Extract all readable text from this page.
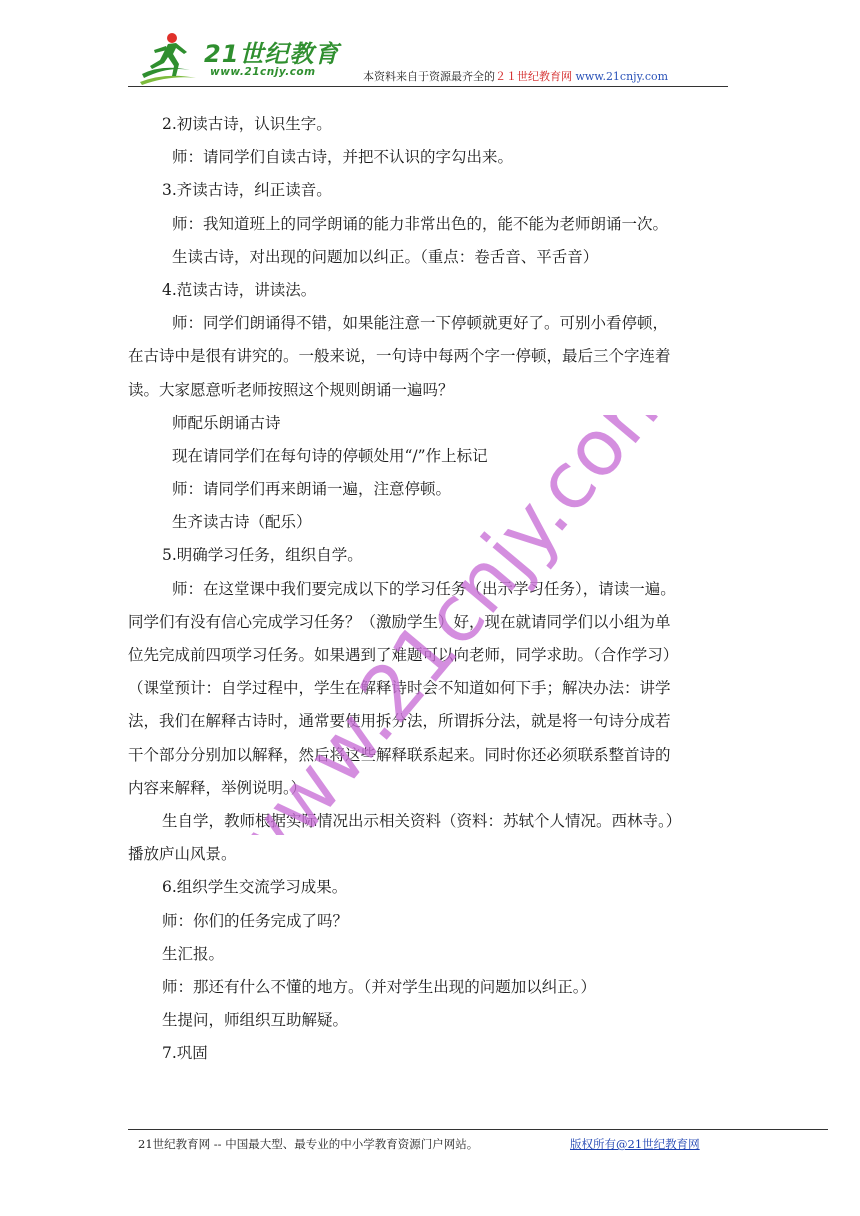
21世纪教育
www.21cnjy.com	本资料来自于资源最齐全的２１世纪教育网 www.21cnjy.com
2.初读古诗，认识生字。
师：请同学们自读古诗，并把不认识的字勾出来。
3.齐读古诗，纠正读音。
师：我知道班上的同学朗诵的能力非常出色的，能不能为老师朗诵一次。
生读古诗，对出现的问题加以纠正。（重点：卷舌音、平舌音）
4.范读古诗，讲读法。
师：同学们朗诵得不错，如果能注意一下停顿就更好了。可别小看停顿，
在古诗中是很有讲究的。一般来说，一句诗中每两个字一停顿，最后三个字连着
读。大家愿意听老师按照这个规则朗诵一遍吗？
师配乐朗诵古诗
现在请同学们在每句诗的停顿处用“/”作上标记
师：请同学们再来朗诵一遍，注意停顿。
生齐读古诗（配乐）
5.明确学习任务，组织自学。
师：在这堂课中我们要完成以下的学习任务（出示学习任务），请读一遍。
同学们有没有信心完成学习任务？（激励学生）好，现在就请同学们以小组为单
位先完成前四项学习任务。如果遇到了难题可以向老师，同学求助。（合作学习）
（课堂预计：自学过程中，学生在解释诗时会不知道如何下手；解决办法：讲学
法，我们在解释古诗时，通常要使用拆分法，所谓拆分法，就是将一句诗分成若
干个部分分别加以解释，然后将这些解释联系起来。同时你还必须联系整首诗的
内容来解释，举例说明。）
生自学，教师根据实际情况出示相关资料（资料：苏轼个人情况。西林寺。）
播放庐山风景。
6.组织学生交流学习成果。
师：你们的任务完成了吗？
生汇报。
师：那还有什么不懂的地方。（并对学生出现的问题加以纠正。）
生提问，师组织互助解疑。
7.巩固
www.21cnjy.com
21世纪教育网 -- 中国最大型、最专业的中小学教育资源门户网站。	版权所有@21世纪教育网
